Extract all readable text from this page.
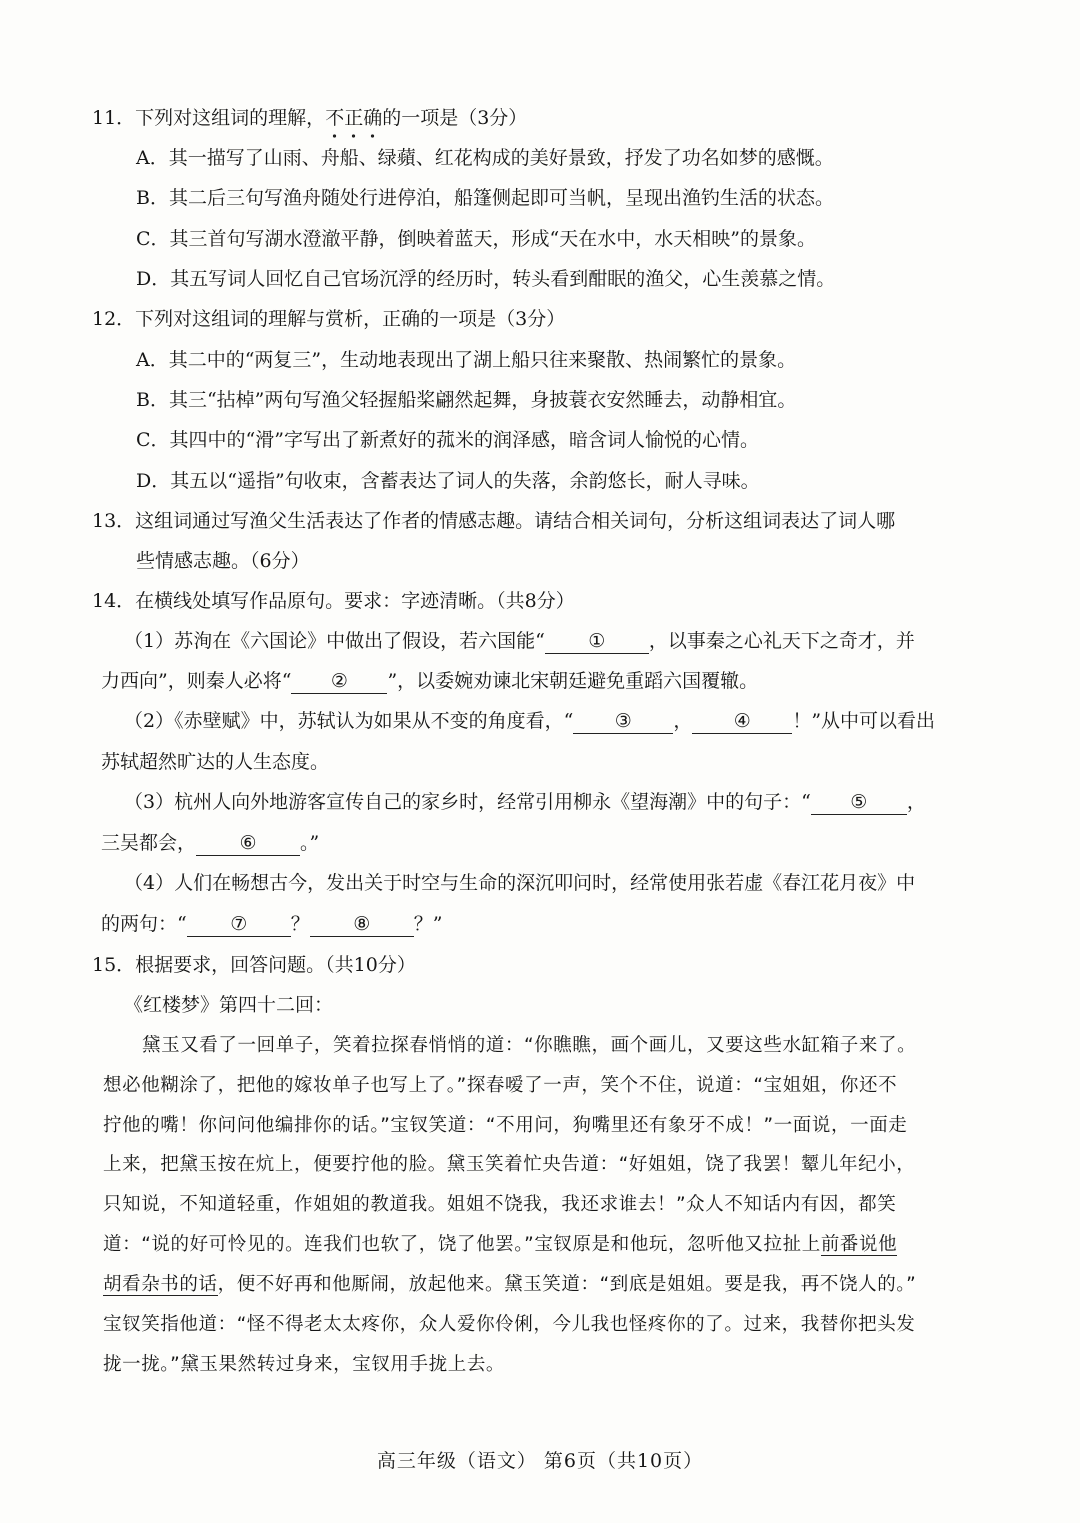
11．下列对这组词的理解，不正确的一项是（3分）
A．其一描写了山雨、舟船、绿蘋、红花构成的美好景致，抒发了功名如梦的感慨。
B．其二后三句写渔舟随处行进停泊，船篷侧起即可当帆，呈现出渔钓生活的状态。
C．其三首句写湖水澄澈平静，倒映着蓝天，形成“天在水中，水天相映”的景象。
D．其五写词人回忆自己官场沉浮的经历时，转头看到酣眠的渔父，心生羡慕之情。
12．下列对这组词的理解与赏析，正确的一项是（3分）
A．其二中的“两复三”，生动地表现出了湖上船只往来聚散、热闹繁忙的景象。
B．其三“拈棹”两句写渔父轻握船桨翩然起舞，身披蓑衣安然睡去，动静相宜。
C．其四中的“滑”字写出了新煮好的菰米的润泽感，暗含词人愉悦的心情。
D．其五以“遥指”句收束，含蓄表达了词人的失落，余韵悠长，耐人寻味。
13．这组词通过写渔父生活表达了作者的情感志趣。请结合相关词句，分析这组词表达了词人哪
些情感志趣。（6分）
14．在横线处填写作品原句。要求：字迹清晰。（共8分）
（1）苏洵在《六国论》中做出了假设，若六国能“ ① ，以事秦之心礼天下之奇才，并
力西向”，则秦人必将“ ② ”，以委婉劝谏北宋朝廷避免重蹈六国覆辙。
（2）《赤壁赋》中，苏轼认为如果从不变的角度看，“ ③ ， ④ ！”从中可以看出
苏轼超然旷达的人生态度。
（3）杭州人向外地游客宣传自己的家乡时，经常引用柳永《望海潮》中的句子：“ ⑤ ，
三吴都会， ⑥ 。”
（4）人们在畅想古今，发出关于时空与生命的深沉叩问时，经常使用张若虚《春江花月夜》中
的两句：“ ⑦ ？ ⑧ ？”
15．根据要求，回答问题。（共10分）
《红楼梦》第四十二回：
黛玉又看了一回单子，笑着拉探春悄悄的道：“你瞧瞧，画个画儿，又要这些水缸箱子来了。
想必他糊涂了，把他的嫁妆单子也写上了。”探春嗳了一声，笑个不住，说道：“宝姐姐，你还不
拧他的嘴！你问问他编排你的话。”宝钗笑道：“不用问，狗嘴里还有象牙不成！”一面说，一面走
上来，把黛玉按在炕上，便要拧他的脸。黛玉笑着忙央告道：“好姐姐，饶了我罢！颦儿年纪小，
只知说，不知道轻重，作姐姐的教道我。姐姐不饶我，我还求谁去！”众人不知话内有因，都笑
道：“说的好可怜见的。连我们也软了，饶了他罢。”宝钗原是和他玩，忽听他又拉扯上前番说他
胡看杂书的话，便不好再和他厮闹，放起他来。黛玉笑道：“到底是姐姐。要是我，再不饶人的。”
宝钗笑指他道：“怪不得老太太疼你，众人爱你伶俐，今儿我也怪疼你的了。过来，我替你把头发
拢一拢。”黛玉果然转过身来，宝钗用手拢上去。
高三年级（语文） 第6页（共10页）
